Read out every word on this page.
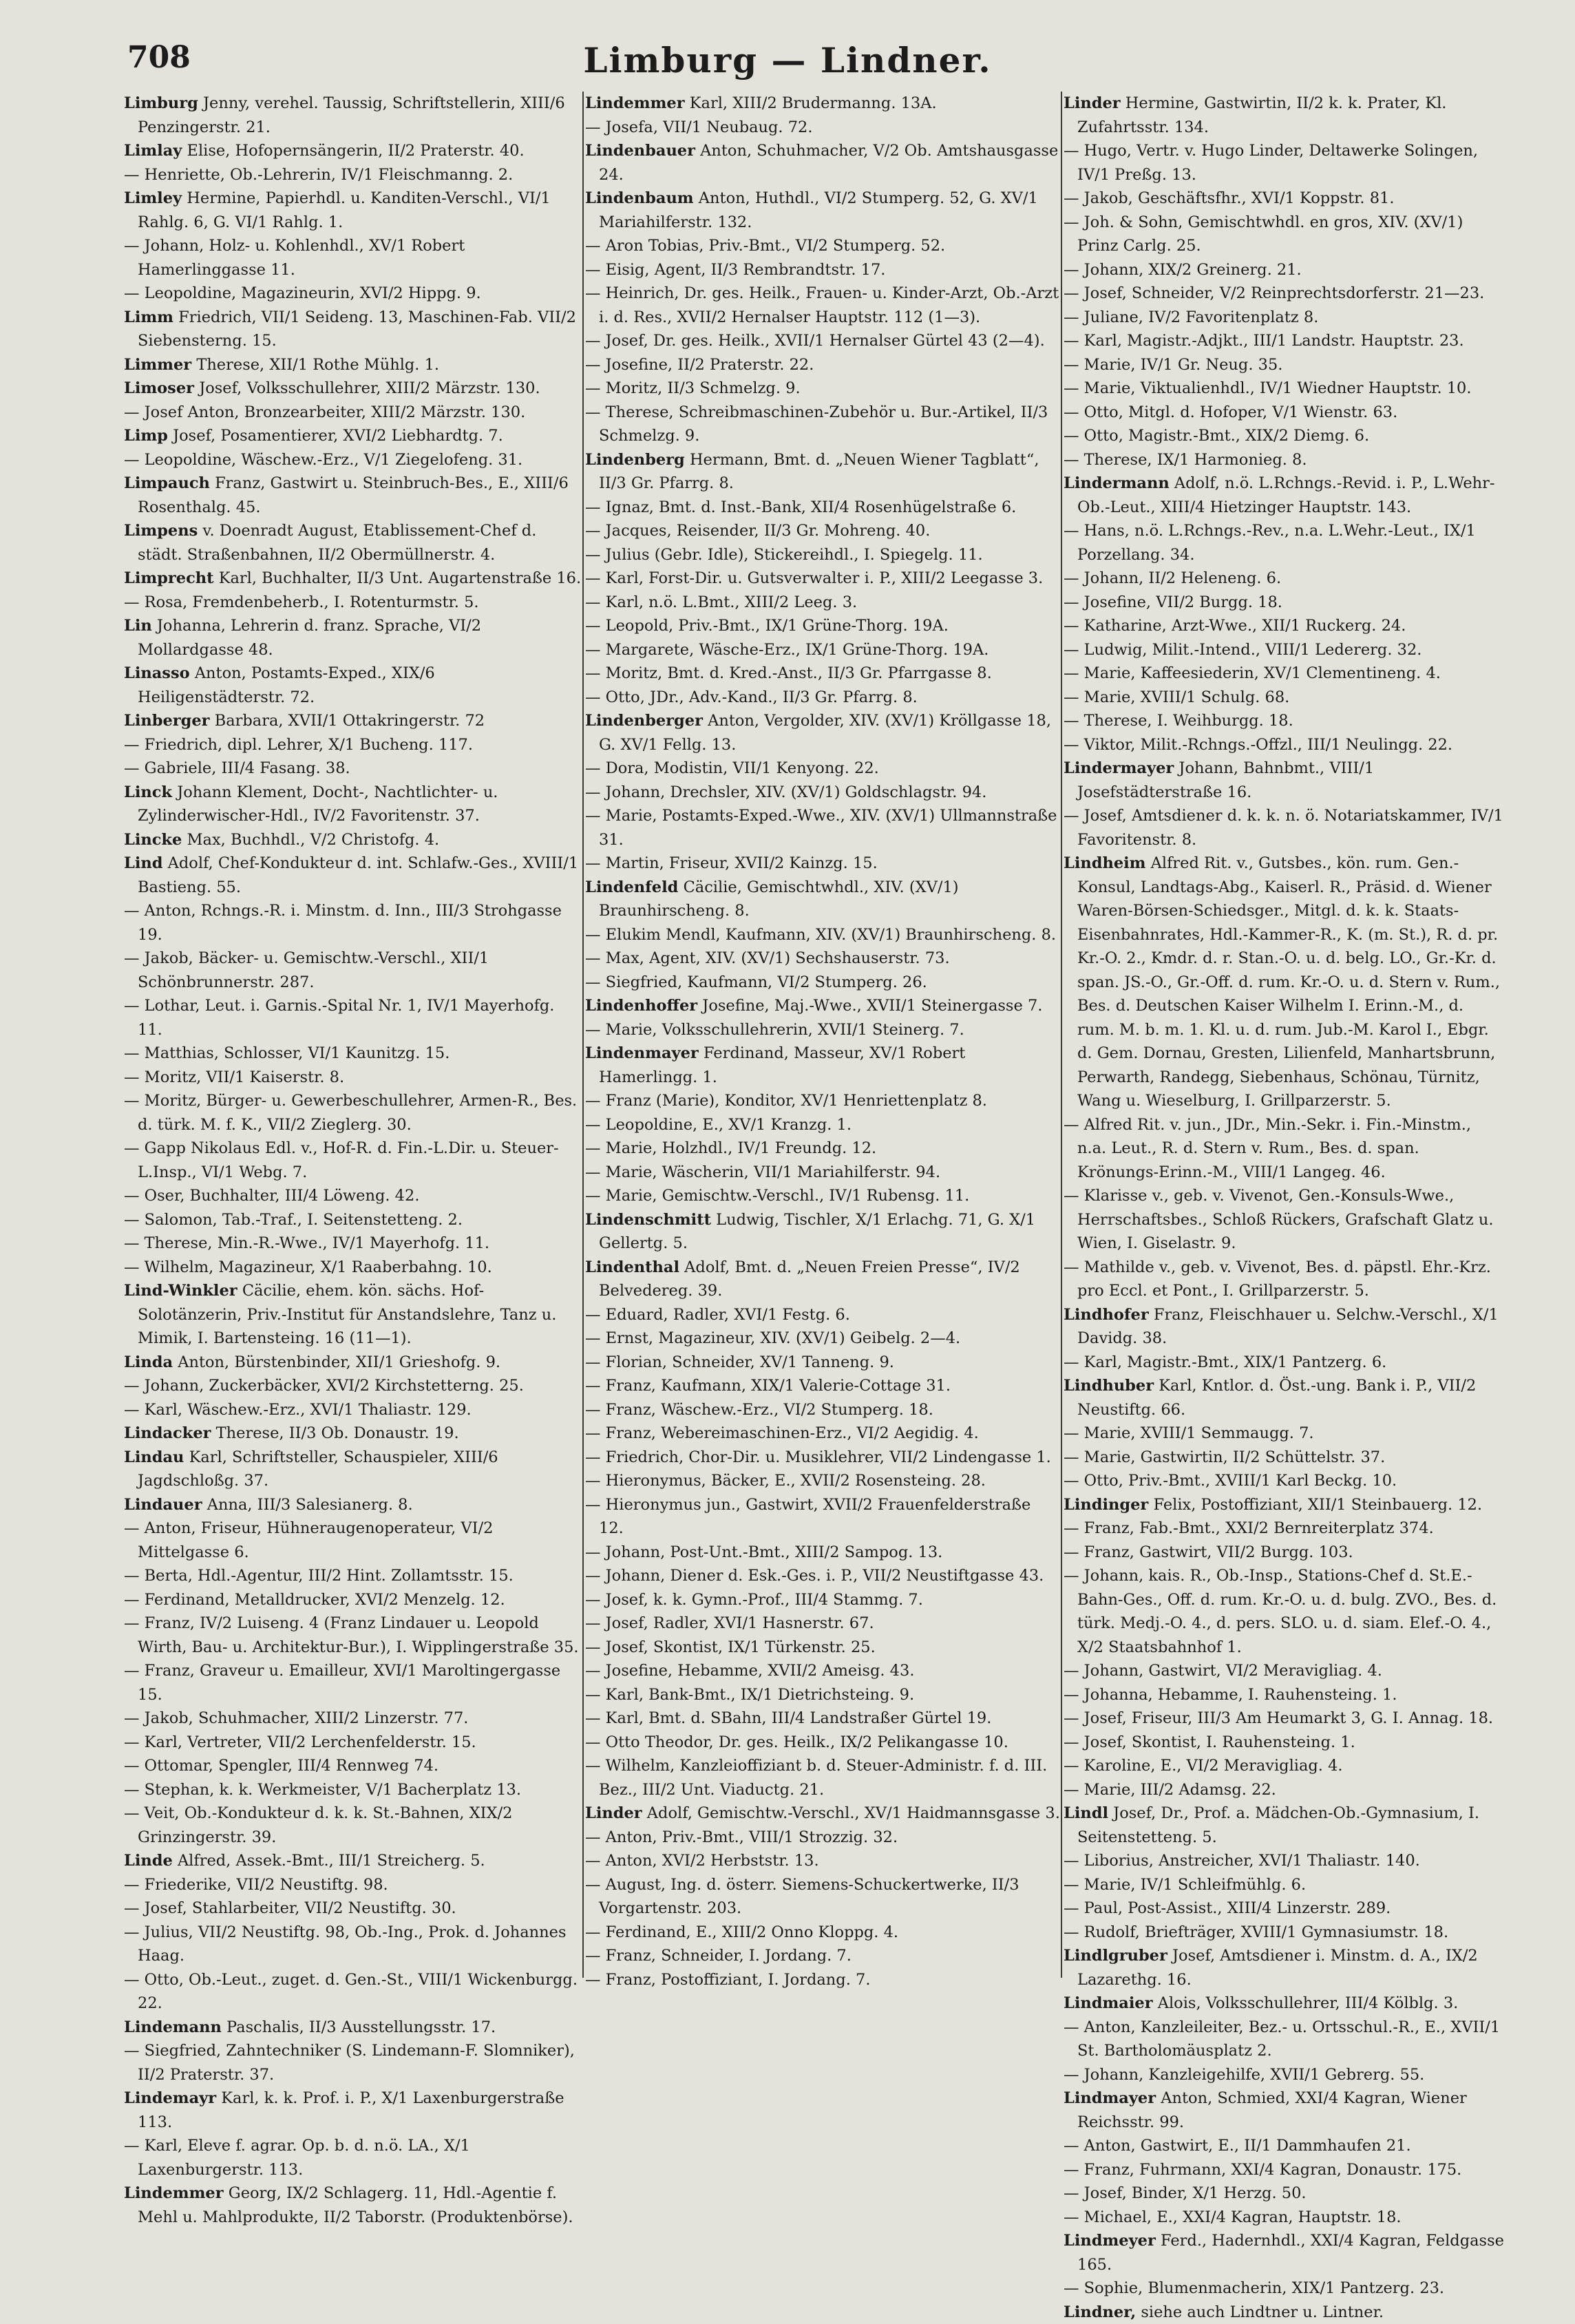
708	Limburg — Lindner.
Limburg Jenny, verehel. Taussig, Schriftstellerin, XIII/6 Penzingerstr. 21.
Limlay Elise, Hofopernsängerin, II/2 Praterstr. 40.
— Henriette, Ob.-Lehrerin, IV/1 Fleischmanng. 2.
Limley Hermine, Papierhdl. u. Kanditen-Verschl., VI/1 Rahlg. 6, G. VI/1 Rahlg. 1.
— Johann, Holz- u. Kohlenhdl., XV/1 Robert Hamerlinggasse 11.
— Leopoldine, Magazineurin, XVI/2 Hippg. 9.
Limm Friedrich, VII/1 Seideng. 13, Maschinen-Fab. VII/2 Siebensterng. 15.
Limmer Therese, XII/1 Rothe Mühlg. 1.
Limoser Josef, Volksschullehrer, XIII/2 Märzstr. 130.
— Josef Anton, Bronzearbeiter, XIII/2 Märzstr. 130.
Limp Josef, Posamentierer, XVI/2 Liebhardtg. 7.
— Leopoldine, Wäschew.-Erz., V/1 Ziegelofeng. 31.
Limpauch Franz, Gastwirt u. Steinbruch-Bes., E., XIII/6 Rosenthalg. 45.
Limpens v. Doenradt August, Etablissement-Chef d. städt. Straßenbahnen, II/2 Obermüllnerstr. 4.
Limprecht Karl, Buchhalter, II/3 Unt. Augartenstraße 16.
— Rosa, Fremdenbeherb., I. Rotenturmstr. 5.
Lin Johanna, Lehrerin d. franz. Sprache, VI/2 Mollardgasse 48.
Linasso Anton, Postamts-Exped., XIX/6 Heiligenstädterstr. 72.
Linberger Barbara, XVII/1 Ottakringerstr. 72
— Friedrich, dipl. Lehrer, X/1 Bucheng. 117.
— Gabriele, III/4 Fasang. 38.
Linck Johann Klement, Docht-, Nachtlichter- u. Zylinderwischer-Hdl., IV/2 Favoritenstr. 37.
Lincke Max, Buchhdl., V/2 Christofg. 4.
Lind Adolf, Chef-Kondukteur d. int. Schlafw.-Ges., XVIII/1 Bastieng. 55.
— Anton, Rchngs.-R. i. Minstm. d. Inn., III/3 Strohgasse 19.
— Jakob, Bäcker- u. Gemischtw.-Verschl., XII/1 Schönbrunnerstr. 287.
— Lothar, Leut. i. Garnis.-Spital Nr. 1, IV/1 Mayerhofg. 11.
— Matthias, Schlosser, VI/1 Kaunitzg. 15.
— Moritz, VII/1 Kaiserstr. 8.
— Moritz, Bürger- u. Gewerbeschullehrer, Armen-R., Bes. d. türk. M. f. K., VII/2 Zieglerg. 30.
— Gapp Nikolaus Edl. v., Hof-R. d. Fin.-L.Dir. u. Steuer-L.Insp., VI/1 Webg. 7.
— Oser, Buchhalter, III/4 Löweng. 42.
— Salomon, Tab.-Traf., I. Seitenstetteng. 2.
— Therese, Min.-R.-Wwe., IV/1 Mayerhofg. 11.
— Wilhelm, Magazineur, X/1 Raaberbahng. 10.
Lind-Winkler Cäcilie, ehem. kön. sächs. Hof-Solotänzerin, Priv.-Institut für Anstandslehre, Tanz u. Mimik, I. Bartensteing. 16 (11—1).
Linda Anton, Bürstenbinder, XII/1 Grieshofg. 9.
— Johann, Zuckerbäcker, XVI/2 Kirchstetterng. 25.
— Karl, Wäschew.-Erz., XVI/1 Thaliastr. 129.
Lindacker Therese, II/3 Ob. Donaustr. 19.
Lindau Karl, Schriftsteller, Schauspieler, XIII/6 Jagdschloßg. 37.
Lindauer Anna, III/3 Salesianerg. 8.
— Anton, Friseur, Hühneraugenoperateur, VI/2 Mittelgasse 6.
— Berta, Hdl.-Agentur, III/2 Hint. Zollamtsstr. 15.
— Ferdinand, Metalldrucker, XVI/2 Menzelg. 12.
— Franz, IV/2 Luiseng. 4 (Franz Lindauer u. Leopold Wirth, Bau- u. Architektur-Bur.), I. Wipplingerstraße 35.
— Franz, Graveur u. Emailleur, XVI/1 Maroltingergasse 15.
— Jakob, Schuhmacher, XIII/2 Linzerstr. 77.
— Karl, Vertreter, VII/2 Lerchenfelderstr. 15.
— Ottomar, Spengler, III/4 Rennweg 74.
— Stephan, k. k. Werkmeister, V/1 Bacherplatz 13.
— Veit, Ob.-Kondukteur d. k. k. St.-Bahnen, XIX/2 Grinzingerstr. 39.
Linde Alfred, Assek.-Bmt., III/1 Streicherg. 5.
— Friederike, VII/2 Neustiftg. 98.
— Josef, Stahlarbeiter, VII/2 Neustiftg. 30.
— Julius, VII/2 Neustiftg. 98, Ob.-Ing., Prok. d. Johannes Haag.
— Otto, Ob.-Leut., zuget. d. Gen.-St., VIII/1 Wickenburgg. 22.
Lindemann Paschalis, II/3 Ausstellungsstr. 17.
— Siegfried, Zahntechniker (S. Lindemann-F. Slomniker), II/2 Praterstr. 37.
Lindemayr Karl, k. k. Prof. i. P., X/1 Laxenburgerstraße 113.
— Karl, Eleve f. agrar. Op. b. d. n.ö. LA., X/1 Laxenburgerstr. 113.
Lindemmer Georg, IX/2 Schlagerg. 11, Hdl.-Agentie f. Mehl u. Mahlprodukte, II/2 Taborstr. (Produktenbörse).
Lindemmer Karl, XIII/2 Brudermanng. 13A.
— Josefa, VII/1 Neubaug. 72.
Lindenbauer Anton, Schuhmacher, V/2 Ob. Amtshausgasse 24.
Lindenbaum Anton, Huthdl., VI/2 Stumperg. 52, G. XV/1 Mariahilferstr. 132.
— Aron Tobias, Priv.-Bmt., VI/2 Stumperg. 52.
— Eisig, Agent, II/3 Rembrandtstr. 17.
— Heinrich, Dr. ges. Heilk., Frauen- u. Kinder-Arzt, Ob.-Arzt i. d. Res., XVII/2 Hernalser Hauptstr. 112 (1—3).
— Josef, Dr. ges. Heilk., XVII/1 Hernalser Gürtel 43 (2—4).
— Josefine, II/2 Praterstr. 22.
— Moritz, II/3 Schmelzg. 9.
— Therese, Schreibmaschinen-Zubehör u. Bur.-Artikel, II/3 Schmelzg. 9.
Lindenberg Hermann, Bmt. d. „Neuen Wiener Tagblatt“, II/3 Gr. Pfarrg. 8.
— Ignaz, Bmt. d. Inst.-Bank, XII/4 Rosenhügelstraße 6.
— Jacques, Reisender, II/3 Gr. Mohreng. 40.
— Julius (Gebr. Idle), Stickereihdl., I. Spiegelg. 11.
— Karl, Forst-Dir. u. Gutsverwalter i. P., XIII/2 Leegasse 3.
— Karl, n.ö. L.Bmt., XIII/2 Leeg. 3.
— Leopold, Priv.-Bmt., IX/1 Grüne-Thorg. 19A.
— Margarete, Wäsche-Erz., IX/1 Grüne-Thorg. 19A.
— Moritz, Bmt. d. Kred.-Anst., II/3 Gr. Pfarrgasse 8.
— Otto, JDr., Adv.-Kand., II/3 Gr. Pfarrg. 8.
Lindenberger Anton, Vergolder, XIV. (XV/1) Kröllgasse 18, G. XV/1 Fellg. 13.
— Dora, Modistin, VII/1 Kenyong. 22.
— Johann, Drechsler, XIV. (XV/1) Goldschlagstr. 94.
— Marie, Postamts-Exped.-Wwe., XIV. (XV/1) Ullmannstraße 31.
— Martin, Friseur, XVII/2 Kainzg. 15.
Lindenfeld Cäcilie, Gemischtwhdl., XIV. (XV/1) Braunhirscheng. 8.
— Elukim Mendl, Kaufmann, XIV. (XV/1) Braunhirscheng. 8.
— Max, Agent, XIV. (XV/1) Sechshauserstr. 73.
— Siegfried, Kaufmann, VI/2 Stumperg. 26.
Lindenhoffer Josefine, Maj.-Wwe., XVII/1 Steinergasse 7.
— Marie, Volksschullehrerin, XVII/1 Steinerg. 7.
Lindenmayer Ferdinand, Masseur, XV/1 Robert Hamerlingg. 1.
— Franz (Marie), Konditor, XV/1 Henriettenplatz 8.
— Leopoldine, E., XV/1 Kranzg. 1.
— Marie, Holzhdl., IV/1 Freundg. 12.
— Marie, Wäscherin, VII/1 Mariahilferstr. 94.
— Marie, Gemischtw.-Verschl., IV/1 Rubensg. 11.
Lindenschmitt Ludwig, Tischler, X/1 Erlachg. 71, G. X/1 Gellertg. 5.
Lindenthal Adolf, Bmt. d. „Neuen Freien Presse“, IV/2 Belvedereg. 39.
— Eduard, Radler, XVI/1 Festg. 6.
— Ernst, Magazineur, XIV. (XV/1) Geibelg. 2—4.
— Florian, Schneider, XV/1 Tanneng. 9.
— Franz, Kaufmann, XIX/1 Valerie-Cottage 31.
— Franz, Wäschew.-Erz., VI/2 Stumperg. 18.
— Franz, Webereimaschinen-Erz., VI/2 Aegidig. 4.
— Friedrich, Chor-Dir. u. Musiklehrer, VII/2 Lindengasse 1.
— Hieronymus, Bäcker, E., XVII/2 Rosensteing. 28.
— Hieronymus jun., Gastwirt, XVII/2 Frauenfelderstraße 12.
— Johann, Post-Unt.-Bmt., XIII/2 Sampog. 13.
— Johann, Diener d. Esk.-Ges. i. P., VII/2 Neustiftgasse 43.
— Josef, k. k. Gymn.-Prof., III/4 Stammg. 7.
— Josef, Radler, XVI/1 Hasnerstr. 67.
— Josef, Skontist, IX/1 Türkenstr. 25.
— Josefine, Hebamme, XVII/2 Ameisg. 43.
— Karl, Bank-Bmt., IX/1 Dietrichsteing. 9.
— Karl, Bmt. d. SBahn, III/4 Landstraßer Gürtel 19.
— Otto Theodor, Dr. ges. Heilk., IX/2 Pelikangasse 10.
— Wilhelm, Kanzleioffiziant b. d. Steuer-Administr. f. d. III. Bez., III/2 Unt. Viaductg. 21.
Linder Adolf, Gemischtw.-Verschl., XV/1 Haidmannsgasse 3.
— Anton, Priv.-Bmt., VIII/1 Strozzig. 32.
— Anton, XVI/2 Herbststr. 13.
— August, Ing. d. österr. Siemens-Schuckertwerke, II/3 Vorgartenstr. 203.
— Ferdinand, E., XIII/2 Onno Kloppg. 4.
— Franz, Schneider, I. Jordang. 7.
— Franz, Postoffiziant, I. Jordang. 7.
Linder Hermine, Gastwirtin, II/2 k. k. Prater, Kl. Zufahrtsstr. 134.
— Hugo, Vertr. v. Hugo Linder, Deltawerke Solingen, IV/1 Preßg. 13.
— Jakob, Geschäftsfhr., XVI/1 Koppstr. 81.
— Joh. & Sohn, Gemischtwhdl. en gros, XIV. (XV/1) Prinz Carlg. 25.
— Johann, XIX/2 Greinerg. 21.
— Josef, Schneider, V/2 Reinprechtsdorferstr. 21—23.
— Juliane, IV/2 Favoritenplatz 8.
— Karl, Magistr.-Adjkt., III/1 Landstr. Hauptstr. 23.
— Marie, IV/1 Gr. Neug. 35.
— Marie, Viktualienhdl., IV/1 Wiedner Hauptstr. 10.
— Otto, Mitgl. d. Hofoper, V/1 Wienstr. 63.
— Otto, Magistr.-Bmt., XIX/2 Diemg. 6.
— Therese, IX/1 Harmonieg. 8.
Lindermann Adolf, n.ö. L.Rchngs.-Revid. i. P., L.Wehr-Ob.-Leut., XIII/4 Hietzinger Hauptstr. 143.
— Hans, n.ö. L.Rchngs.-Rev., n.a. L.Wehr.-Leut., IX/1 Porzellang. 34.
— Johann, II/2 Heleneng. 6.
— Josefine, VII/2 Burgg. 18.
— Katharine, Arzt-Wwe., XII/1 Ruckerg. 24.
— Ludwig, Milit.-Intend., VIII/1 Ledererg. 32.
— Marie, Kaffeesiederin, XV/1 Clementineng. 4.
— Marie, XVIII/1 Schulg. 68.
— Therese, I. Weihburgg. 18.
— Viktor, Milit.-Rchngs.-Offzl., III/1 Neulingg. 22.
Lindermayer Johann, Bahnbmt., VIII/1 Josefstädterstraße 16.
— Josef, Amtsdiener d. k. k. n. ö. Notariatskammer, IV/1 Favoritenstr. 8.
Lindheim Alfred Rit. v., Gutsbes., kön. rum. Gen.-Konsul, Landtags-Abg., Kaiserl. R., Präsid. d. Wiener Waren-Börsen-Schiedsger., Mitgl. d. k. k. Staats-Eisenbahnrates, Hdl.-Kammer-R., K. (m. St.), R. d. pr. Kr.-O. 2., Kmdr. d. r. Stan.-O. u. d. belg. LO., Gr.-Kr. d. span. JS.-O., Gr.-Off. d. rum. Kr.-O. u. d. Stern v. Rum., Bes. d. Deutschen Kaiser Wilhelm I. Erinn.-M., d. rum. M. b. m. 1. Kl. u. d. rum. Jub.-M. Karol I., Ebgr. d. Gem. Dornau, Gresten, Lilienfeld, Manhartsbrunn, Perwarth, Randegg, Siebenhaus, Schönau, Türnitz, Wang u. Wieselburg, I. Grillparzerstr. 5.
— Alfred Rit. v. jun., JDr., Min.-Sekr. i. Fin.-Minstm., n.a. Leut., R. d. Stern v. Rum., Bes. d. span. Krönungs-Erinn.-M., VIII/1 Langeg. 46.
— Klarisse v., geb. v. Vivenot, Gen.-Konsuls-Wwe., Herrschaftsbes., Schloß Rückers, Grafschaft Glatz u. Wien, I. Giselastr. 9.
— Mathilde v., geb. v. Vivenot, Bes. d. päpstl. Ehr.-Krz. pro Eccl. et Pont., I. Grillparzerstr. 5.
Lindhofer Franz, Fleischhauer u. Selchw.-Verschl., X/1 Davidg. 38.
— Karl, Magistr.-Bmt., XIX/1 Pantzerg. 6.
Lindhuber Karl, Kntlor. d. Öst.-ung. Bank i. P., VII/2 Neustiftg. 66.
— Marie, XVIII/1 Semmaugg. 7.
— Marie, Gastwirtin, II/2 Schüttelstr. 37.
— Otto, Priv.-Bmt., XVIII/1 Karl Beckg. 10.
Lindinger Felix, Postoffiziant, XII/1 Steinbauerg. 12.
— Franz, Fab.-Bmt., XXI/2 Bernreiterplatz 374.
— Franz, Gastwirt, VII/2 Burgg. 103.
— Johann, kais. R., Ob.-Insp., Stations-Chef d. St.E.-Bahn-Ges., Off. d. rum. Kr.-O. u. d. bulg. ZVO., Bes. d. türk. Medj.-O. 4., d. pers. SLO. u. d. siam. Elef.-O. 4., X/2 Staatsbahnhof 1.
— Johann, Gastwirt, VI/2 Meravigliag. 4.
— Johanna, Hebamme, I. Rauhensteing. 1.
— Josef, Friseur, III/3 Am Heumarkt 3, G. I. Annag. 18.
— Josef, Skontist, I. Rauhensteing. 1.
— Karoline, E., VI/2 Meravigliag. 4.
— Marie, III/2 Adamsg. 22.
Lindl Josef, Dr., Prof. a. Mädchen-Ob.-Gymnasium, I. Seitenstetteng. 5.
— Liborius, Anstreicher, XVI/1 Thaliastr. 140.
— Marie, IV/1 Schleifmühlg. 6.
— Paul, Post-Assist., XIII/4 Linzerstr. 289.
— Rudolf, Briefträger, XVIII/1 Gymnasiumstr. 18.
Lindlgruber Josef, Amtsdiener i. Minstm. d. A., IX/2 Lazarethg. 16.
Lindmaier Alois, Volksschullehrer, III/4 Kölblg. 3.
— Anton, Kanzleileiter, Bez.- u. Ortsschul.-R., E., XVII/1 St. Bartholomäusplatz 2.
— Johann, Kanzleigehilfe, XVII/1 Gebrerg. 55.
Lindmayer Anton, Schmied, XXI/4 Kagran, Wiener Reichsstr. 99.
— Anton, Gastwirt, E., II/1 Dammhaufen 21.
— Franz, Fuhrmann, XXI/4 Kagran, Donaustr. 175.
— Josef, Binder, X/1 Herzg. 50.
— Michael, E., XXI/4 Kagran, Hauptstr. 18.
Lindmeyer Ferd., Hadernhdl., XXI/4 Kagran, Feldgasse 165.
— Sophie, Blumenmacherin, XIX/1 Pantzerg. 23.
Lindner, siehe auch Lindtner u. Lintner.
